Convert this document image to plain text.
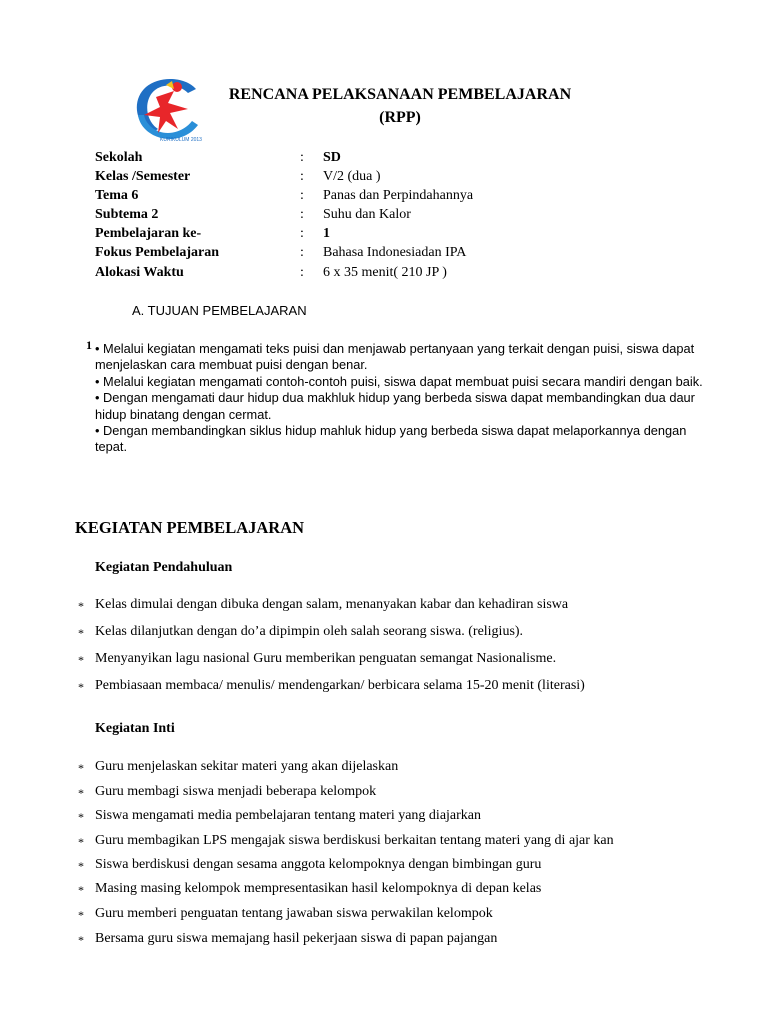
KURIKULUM 2013
RENCANA PELAKSANAAN PEMBELAJARAN
(RPP)
Sekolah	: SD
Kelas /Semester	: V/2 (dua )
Tema 6	: Panas dan Perpindahannya
Subtema 2	: Suhu dan Kalor
Pembelajaran ke-	: 1
Fokus Pembelajaran	: Bahasa Indonesiadan IPA
Alokasi Waktu	: 6 x 35 menit( 210 JP )
A. TUJUAN PEMBELAJARAN
1 • Melalui kegiatan mengamati teks puisi dan menjawab pertanyaan yang terkait dengan puisi, siswa dapat menjelaskan cara membuat puisi dengan benar.

• Melalui kegiatan mengamati contoh-contoh puisi, siswa dapat membuat puisi secara mandiri dengan baik.

• Dengan mengamati daur hidup dua makhluk hidup yang berbeda siswa dapat membandingkan dua daur hidup binatang dengan cermat.

• Dengan membandingkan siklus hidup mahluk hidup yang berbeda siswa dapat melaporkannya dengan tepat.

KEGIATAN PEMBELAJARAN
Kegiatan Pendahuluan
* Kelas dimulai dengan dibuka dengan salam, menanyakan kabar dan kehadiran siswa
* Kelas dilanjutkan dengan do’a dipimpin oleh salah seorang siswa. (religius).
* Menyanyikan lagu nasional Guru memberikan penguatan semangat Nasionalisme.
* Pembiasaan membaca/ menulis/ mendengarkan/ berbicara selama 15-20 menit (literasi)
Kegiatan Inti
* Guru menjelaskan sekitar materi yang akan dijelaskan
* Guru membagi siswa menjadi beberapa kelompok
* Siswa mengamati media pembelajaran tentang materi yang diajarkan
* Guru membagikan LPS mengajak siswa berdiskusi berkaitan tentang materi yang di ajar kan
* Siswa berdiskusi dengan sesama anggota kelompoknya dengan bimbingan guru
* Masing masing kelompok mempresentasikan hasil kelompoknya di depan kelas
* Guru memberi penguatan tentang jawaban siswa perwakilan kelompok
* Bersama guru siswa memajang hasil pekerjaan siswa di papan pajangan
